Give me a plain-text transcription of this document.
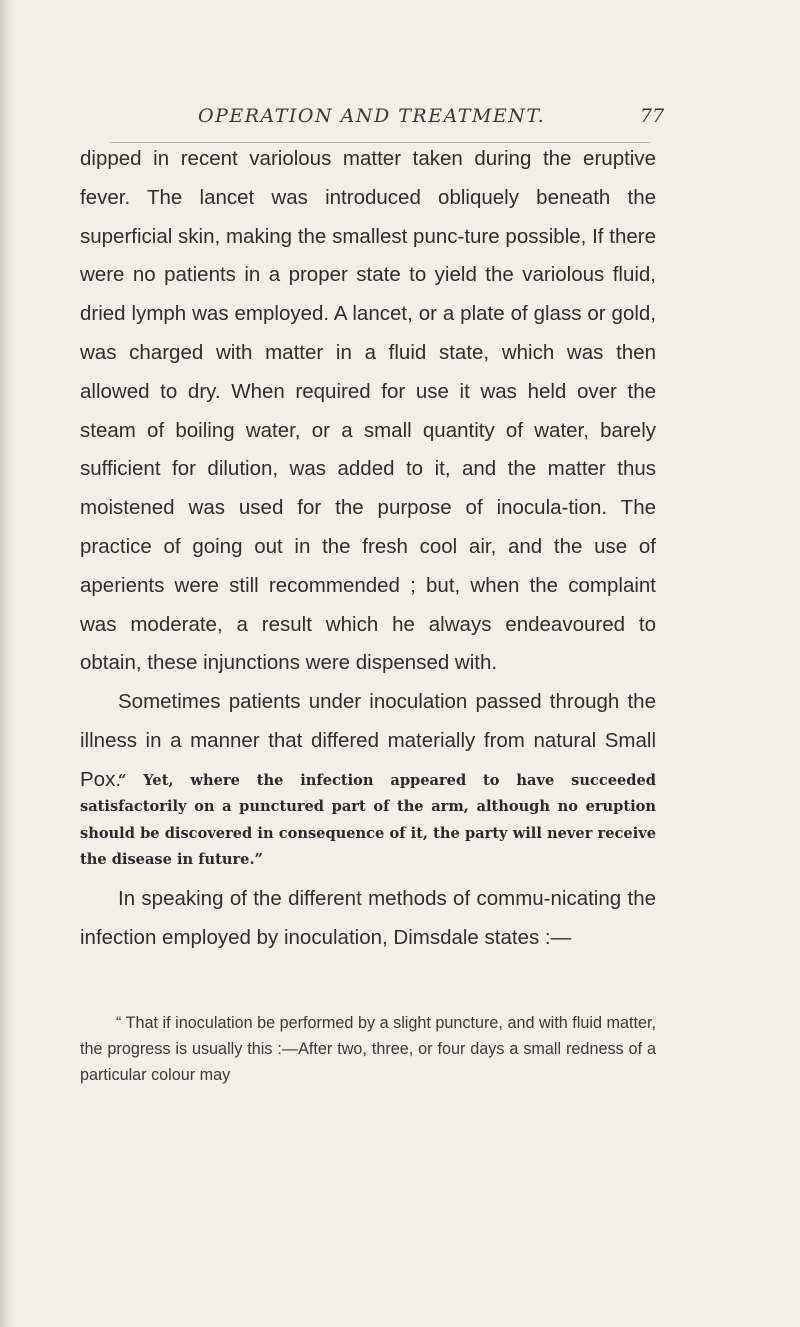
OPERATION AND TREATMENT.	77

dipped in recent variolous matter taken during the eruptive fever. The lancet was introduced obliquely beneath the superficial skin, making the smallest punc-ture possible, If there were no patients in a proper state to yield the variolous fluid, dried lymph was employed. A lancet, or a plate of glass or gold, was charged with matter in a fluid state, which was then allowed to dry. When required for use it was held over the steam of boiling water, or a small quantity of water, barely sufficient for dilution, was added to it, and the matter thus moistened was used for the purpose of inocula-tion. The practice of going out in the fresh cool air, and the use of aperients were still recommended ; but, when the complaint was moderate, a result which he always endeavoured to obtain, these injunctions were dispensed with.

Sometimes patients under inoculation passed through the illness in a manner that differed materially from natural Small Pox.

“ Yet, where the infection appeared to have succeeded satisfactorily on a punctured part of the arm, although no eruption should be discovered in consequence of it, the party will never receive the disease in future.”

In speaking of the different methods of commu-nicating the infection employed by inoculation, Dimsdale states :—

“ That if inoculation be performed by a slight puncture, and with fluid matter, the progress is usually this :—After two, three, or four days a small redness of a particular colour may
